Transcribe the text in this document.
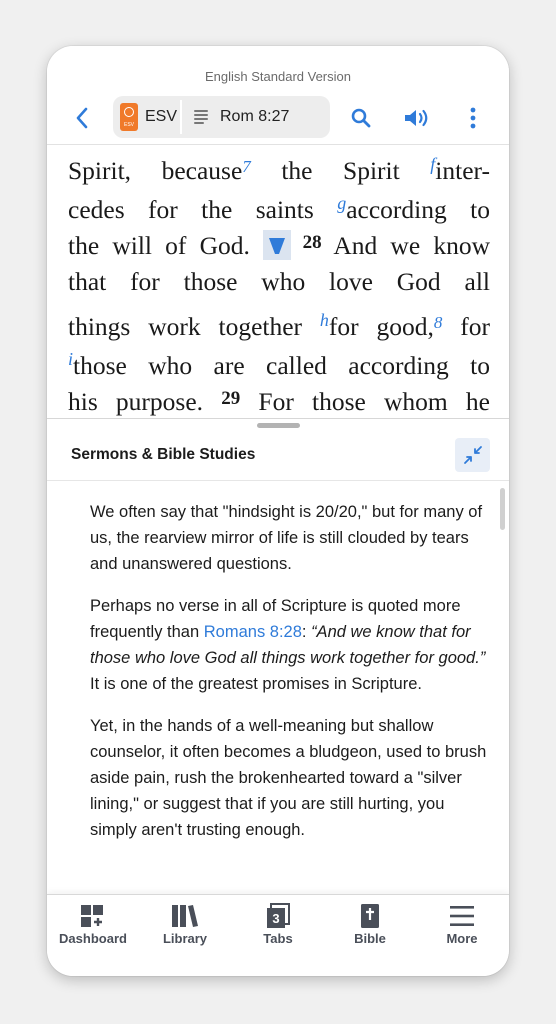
English Standard Version
ESV ESV	Rom 8:27
Spirit, because$^7$ the Spirit $^f$inter-
cedes for the saints $^g$according to
the will of God.
$^{28}$ And we know
that for those who love God all
things work together $^h$for good,$^8$ for
$^i$those who are called according to
his purpose. $^{29}$ For those whom he
Sermons & Bible Studies

We often say that "hindsight is 20/20," but for many of us, the rearview mirror of life is still clouded by tears and unanswered questions.

Perhaps no verse in all of Scripture is quoted more frequently than Romans 8:28: “And we know that for those who love God all things work together for good.” It is one of the greatest promises in Scripture.

Yet, in the hands of a well-meaning but shallow counselor, it often becomes a bludgeon, used to brush aside pain, rush the brokenhearted toward a "silver lining," or suggest that if you are still hurting, you simply aren't trusting enough.

Dashboard	Library
3
Tabs	Bible	More
